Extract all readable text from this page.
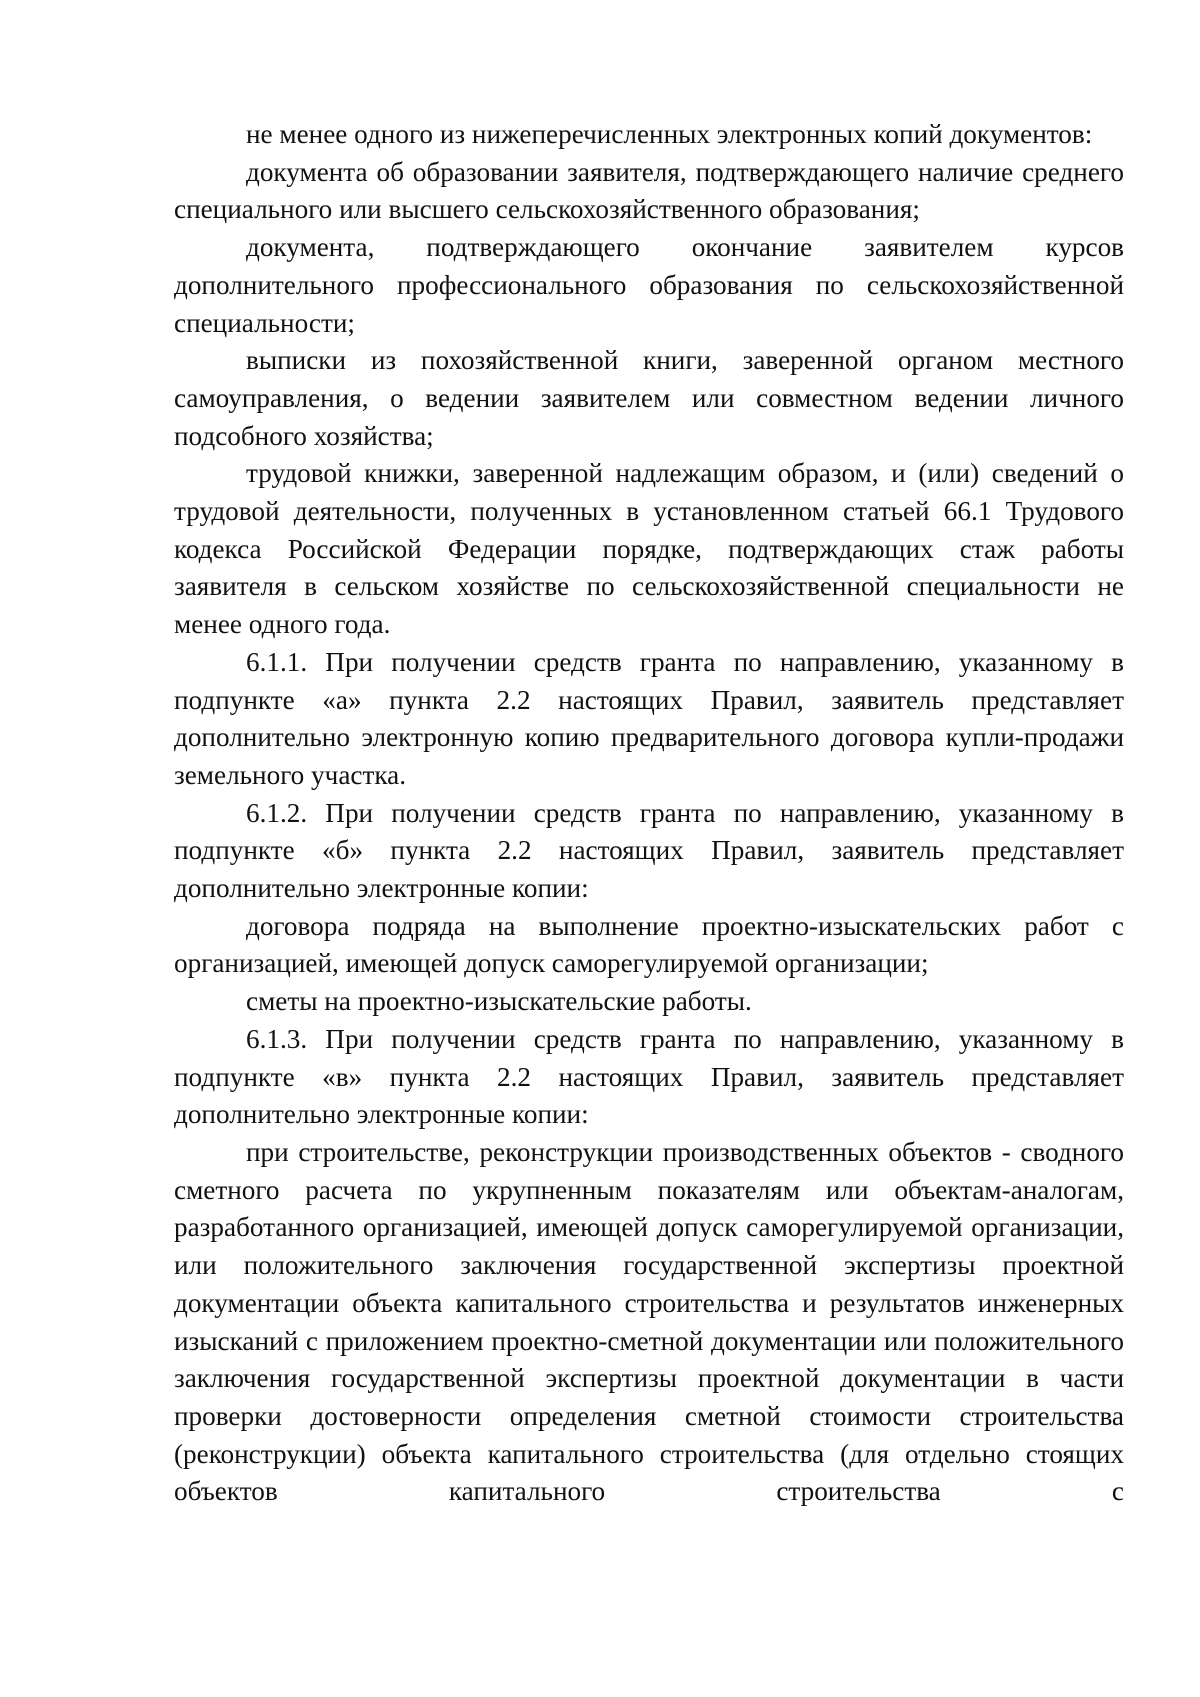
не менее одного из нижеперечисленных электронных копий документов:

документа об образовании заявителя, подтверждающего наличие среднего специального или высшего сельскохозяйственного образования;

документа, подтверждающего окончание заявителем курсов дополнительного профессионального образования по сельскохозяйственной специальности;

выписки из похозяйственной книги, заверенной органом местного самоуправления, о ведении заявителем или совместном ведении личного подсобного хозяйства;

трудовой книжки, заверенной надлежащим образом, и (или) сведений о трудовой деятельности, полученных в установленном статьей 66.1 Трудового кодекса Российской Федерации порядке, подтверждающих стаж работы заявителя в сельском хозяйстве по сельскохозяйственной специальности не менее одного года.

6.1.1. При получении средств гранта по направлению, указанному в подпункте «а» пункта 2.2 настоящих Правил, заявитель представляет дополнительно электронную копию предварительного договора купли-продажи земельного участка.

6.1.2. При получении средств гранта по направлению, указанному в подпункте «б» пункта 2.2 настоящих Правил, заявитель представляет дополнительно электронные копии:

договора подряда на выполнение проектно-изыскательских работ с организацией, имеющей допуск саморегулируемой организации;

сметы на проектно-изыскательские работы.

6.1.3. При получении средств гранта по направлению, указанному в подпункте «в» пункта 2.2 настоящих Правил, заявитель представляет дополнительно электронные копии:

при строительстве, реконструкции производственных объектов - сводного сметного расчета по укрупненным показателям или объектам-аналогам, разработанного организацией, имеющей допуск саморегулируемой организации, или положительного заключения государственной экспертизы проектной документации объекта капитального строительства и результатов инженерных изысканий с приложением проектно-сметной документации или положительного заключения государственной экспертизы проектной документации в части проверки достоверности определения сметной стоимости строительства (реконструкции) объекта капитального строительства (для отдельно стоящих объектов капитального строительства с
